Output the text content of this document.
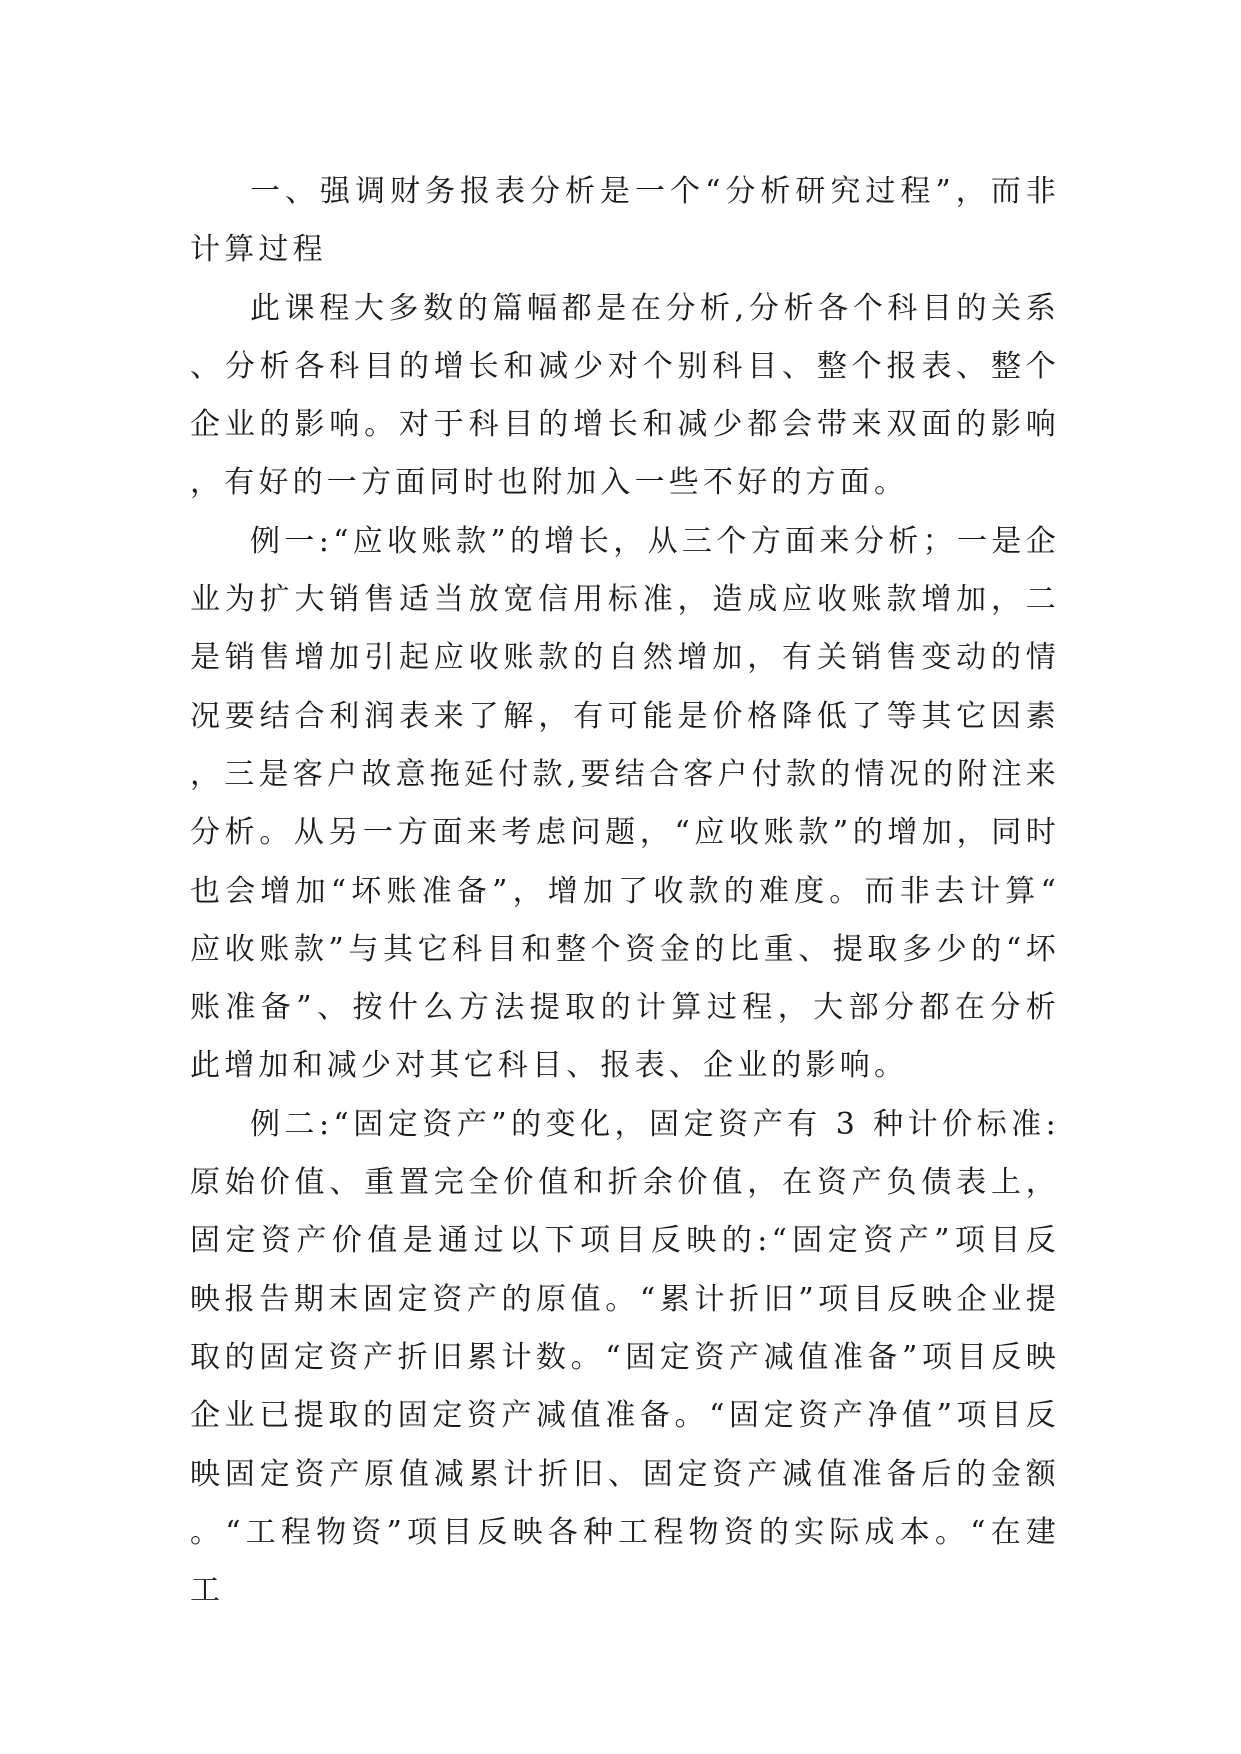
一、强调财务报表分析是一个“分析研究过程”，而非计算过程

此课程大多数的篇幅都是在分析,分析各个科目的关系、分析各科目的增长和减少对个别科目、整个报表、整个企业的影响。对于科目的增长和减少都会带来双面的影响，有好的一方面同时也附加入一些不好的方面。

例一:“应收账款”的增长，从三个方面来分析；一是企业为扩大销售适当放宽信用标准，造成应收账款增加，二是销售增加引起应收账款的自然增加，有关销售变动的情况要结合利润表来了解，有可能是价格降低了等其它因素，三是客户故意拖延付款,要结合客户付款的情况的附注来分析。从另一方面来考虑问题，“应收账款”的增加，同时也会增加“坏账准备”，增加了收款的难度。而非去计算“应收账款”与其它科目和整个资金的比重、提取多少的“坏账准备”、按什么方法提取的计算过程，大部分都在分析此增加和减少对其它科目、报表、企业的影响。

例二:“固定资产”的变化，固定资产有 3 种计价标准:原始价值、重置完全价值和折余价值，在资产负债表上，固定资产价值是通过以下项目反映的:“固定资产”项目反映报告期末固定资产的原值。“累计折旧”项目反映企业提取的固定资产折旧累计数。“固定资产减值准备”项目反映企业已提取的固定资产减值准备。“固定资产净值”项目反映固定资产原值减累计折旧、固定资产减值准备后的金额。“工程物资”项目反映各种工程物资的实际成本。“在建工
